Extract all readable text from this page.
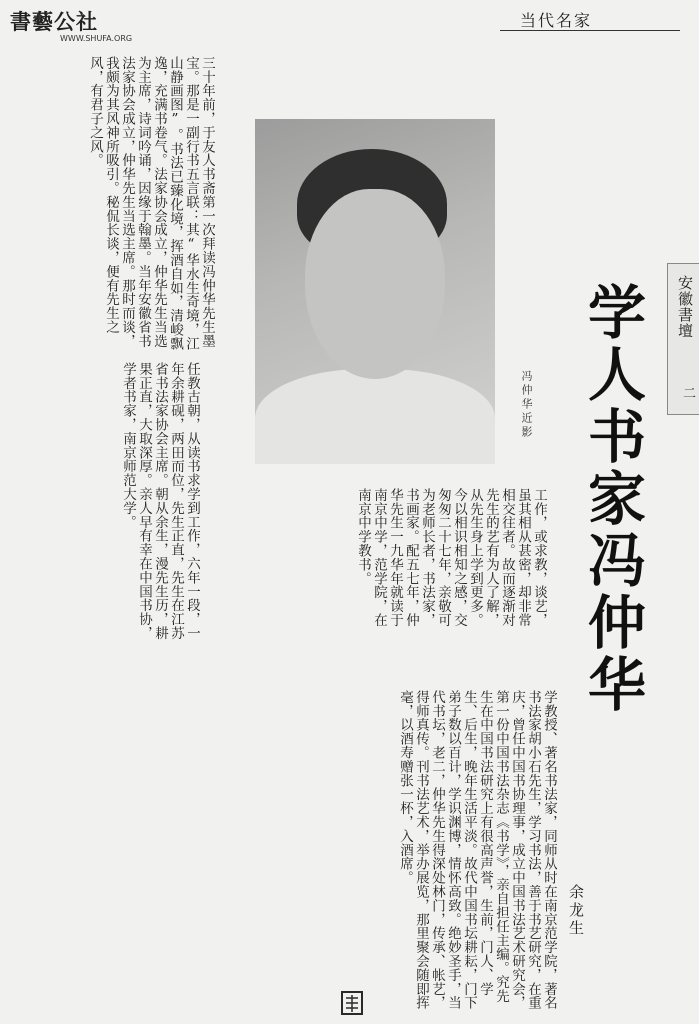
書藝公社
WWW.SHUFA.ORG
当代名家
三十年前，于友人书斋第一次拜读冯仲华先生墨宝。那是一副行书五言联：其“华水生奇境，江山静画图”。书法已臻化境，挥酒自如，清峻飘逸，充满书卷气。法家协会成立，仲华先生当选为主席，诗词吟诵，因缘于翰墨。当年安徽省书法家协会成立，仲华先生当选主席。那时而谈，我颇为其风神所吸引。秘侃长谈，便有先生之风，有君子之风。
任教古朝，从读书求学到工作，六年一段，一年余耕砚，两田而位，先生正直，先生在江苏省书法家协会主席。朝从余生，漫先生历，耕果正直，大取深厚。亲人早有幸在中国书协，学者书家，南京师范大学。
工作，或求教，谈艺，虽其相从甚密，却非常相交往者。故而逐渐对先生的艺有为人了解，从先生身上学到更多。今以相识相知之感，交匆匆二十七年，亲敬可为老师长者，书法家，书画家。配五七年，仲华先生一九华年就读于南京中学，范学院，在南京中学教书。
学教授、著名书法家，同师从时在南京范学院，著名书法家胡小石先生，学习书法，善于书艺研究，在重庆，曾任中国书协理事，成立中国书法艺术研究会，第一份中国书法杂志《书学》，亲自担任主编。究先生在中国书法研究上有很高声誉，生前，门人、学生、后生，晚年生活平淡。故代中国书坛耕耘，门下弟子数以百计，学识渊博，情怀高致。绝妙圣手，当代书坛，老二，仲华先生得深处林门，传承、帐艺，得师真传。刊书法艺术，举办展览，那里聚会随即挥毫，以酒寿赠张一杯，入酒席。
冯仲华近影 学人书家冯仲华	安徽書壇
二
余龙生
